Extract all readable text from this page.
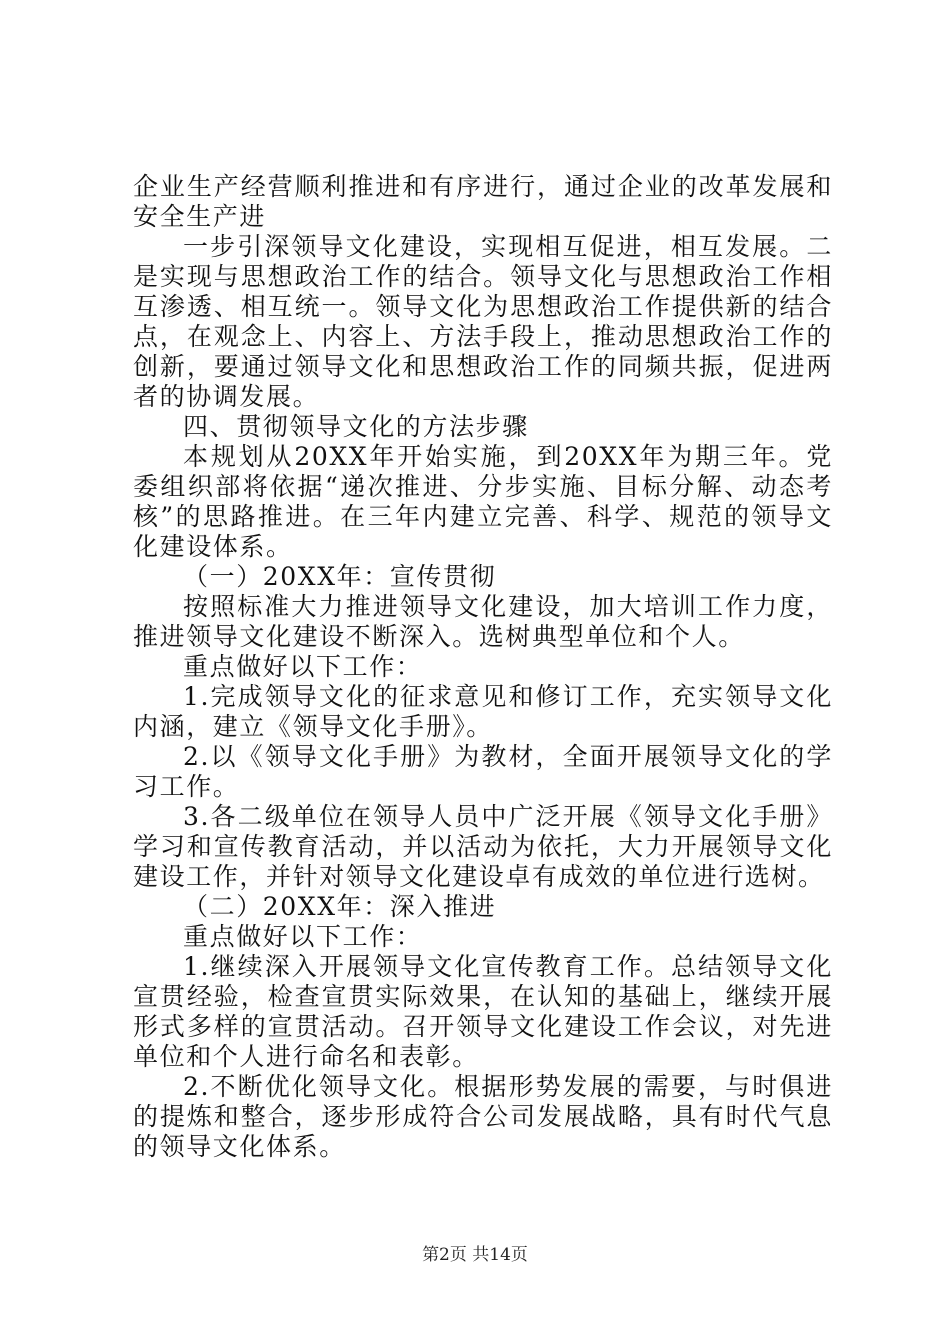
企业生产经营顺利推进和有序进行，通过企业的改革发展和安全生产进

一步引深领导文化建设，实现相互促进，相互发展。二是实现与思想政治工作的结合。领导文化与思想政治工作相互渗透、相互统一。领导文化为思想政治工作提供新的结合点，在观念上、内容上、方法手段上，推动思想政治工作的创新，要通过领导文化和思想政治工作的同频共振，促进两者的协调发展。

四、贯彻领导文化的方法步骤

本规划从20XX年开始实施，到20XX年为期三年。党委组织部将依据“递次推进、分步实施、目标分解、动态考核”的思路推进。在三年内建立完善、科学、规范的领导文化建设体系。

（一）20XX年：宣传贯彻

按照标准大力推进领导文化建设，加大培训工作力度，推进领导文化建设不断深入。选树典型单位和个人。

重点做好以下工作：

1.完成领导文化的征求意见和修订工作，充实领导文化内涵，建立《领导文化手册》。

2.以《领导文化手册》为教材，全面开展领导文化的学习工作。

3.各二级单位在领导人员中广泛开展《领导文化手册》学习和宣传教育活动，并以活动为依托，大力开展领导文化建设工作，并针对领导文化建设卓有成效的单位进行选树。

（二）20XX年：深入推进

重点做好以下工作：

1.继续深入开展领导文化宣传教育工作。总结领导文化宣贯经验，检查宣贯实际效果，在认知的基础上，继续开展形式多样的宣贯活动。召开领导文化建设工作会议，对先进单位和个人进行命名和表彰。

2.不断优化领导文化。根据形势发展的需要，与时俱进的提炼和整合，逐步形成符合公司发展战略，具有时代气息的领导文化体系。

第2页 共14页
